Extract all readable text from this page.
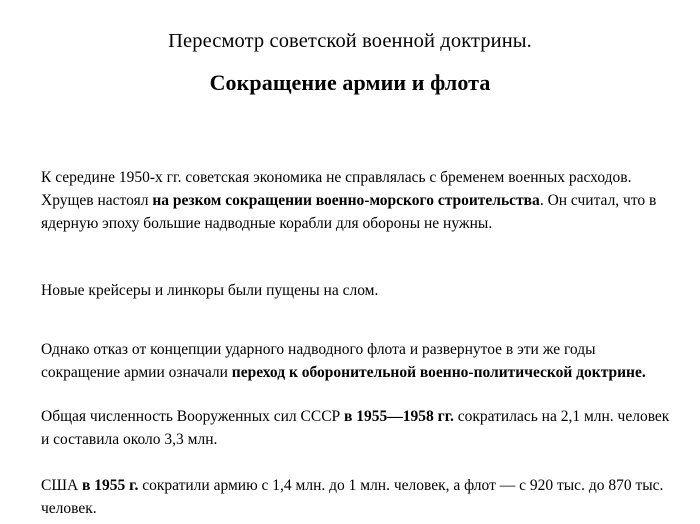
Пересмотр советской военной доктрины.
Сокращение армии и флота

К середине 1950-х гг. советская экономика не справлялась с бременем военных расходов. Хрущев настоял на резком сокращении военно-морского строительства. Он считал, что в ядерную эпоху большие надводные корабли для обороны не нужны.

Новые крейсеры и линкоры были пущены на слом.

Однако отказ от концепции ударного надводного флота и развернутое в эти же годы сокращение армии означали переход к оборонительной военно-политической доктрине.

Общая численность Вооруженных сил СССР в 1955—1958 гг. сократилась на 2,1 млн. человек и составила около 3,3 млн.

США в 1955 г. сократили армию с 1,4 млн. до 1 млн. человек, а флот — с 920 тыс. до 870 тыс. человек.
